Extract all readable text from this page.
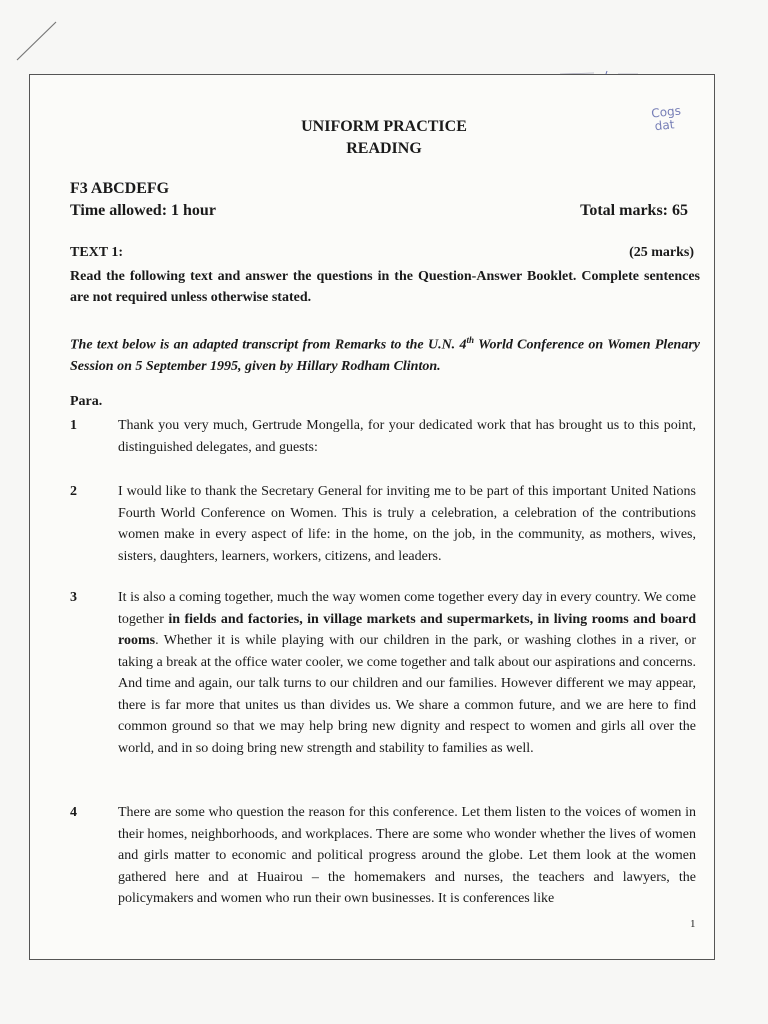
Cogs
dat
UNIFORM PRACTICE
READING
F3 ABCDEFG
Time allowed: 1 hour	Total marks: 65
TEXT 1:	(25 marks)
Read the following text and answer the questions in the Question-Answer Booklet. Complete sentences are not required unless otherwise stated.
The text below is an adapted transcript from Remarks to the U.N. 4th World Conference on Women Plenary Session on 5 September 1995, given by Hillary Rodham Clinton.
Para.
1	Thank you very much, Gertrude Mongella, for your dedicated work that has brought us to this point, distinguished delegates, and guests:
2	I would like to thank the Secretary General for inviting me to be part of this important United Nations Fourth World Conference on Women. This is truly a celebration, a celebration of the contributions women make in every aspect of life: in the home, on the job, in the community, as mothers, wives, sisters, daughters, learners, workers, citizens, and leaders.
3	It is also a coming together, much the way women come together every day in every country. We come together in fields and factories, in village markets and supermarkets, in living rooms and board rooms. Whether it is while playing with our children in the park, or washing clothes in a river, or taking a break at the office water cooler, we come together and talk about our aspirations and concerns. And time and again, our talk turns to our children and our families. However different we may appear, there is far more that unites us than divides us. We share a common future, and we are here to find common ground so that we may help bring new dignity and respect to women and girls all over the world, and in so doing bring new strength and stability to families as well.
4	There are some who question the reason for this conference. Let them listen to the voices of women in their homes, neighborhoods, and workplaces. There are some who wonder whether the lives of women and girls matter to economic and political progress around the globe. Let them look at the women gathered here and at Huairou – the homemakers and nurses, the teachers and lawyers, the policymakers and women who run their own businesses. It is conferences like
1
